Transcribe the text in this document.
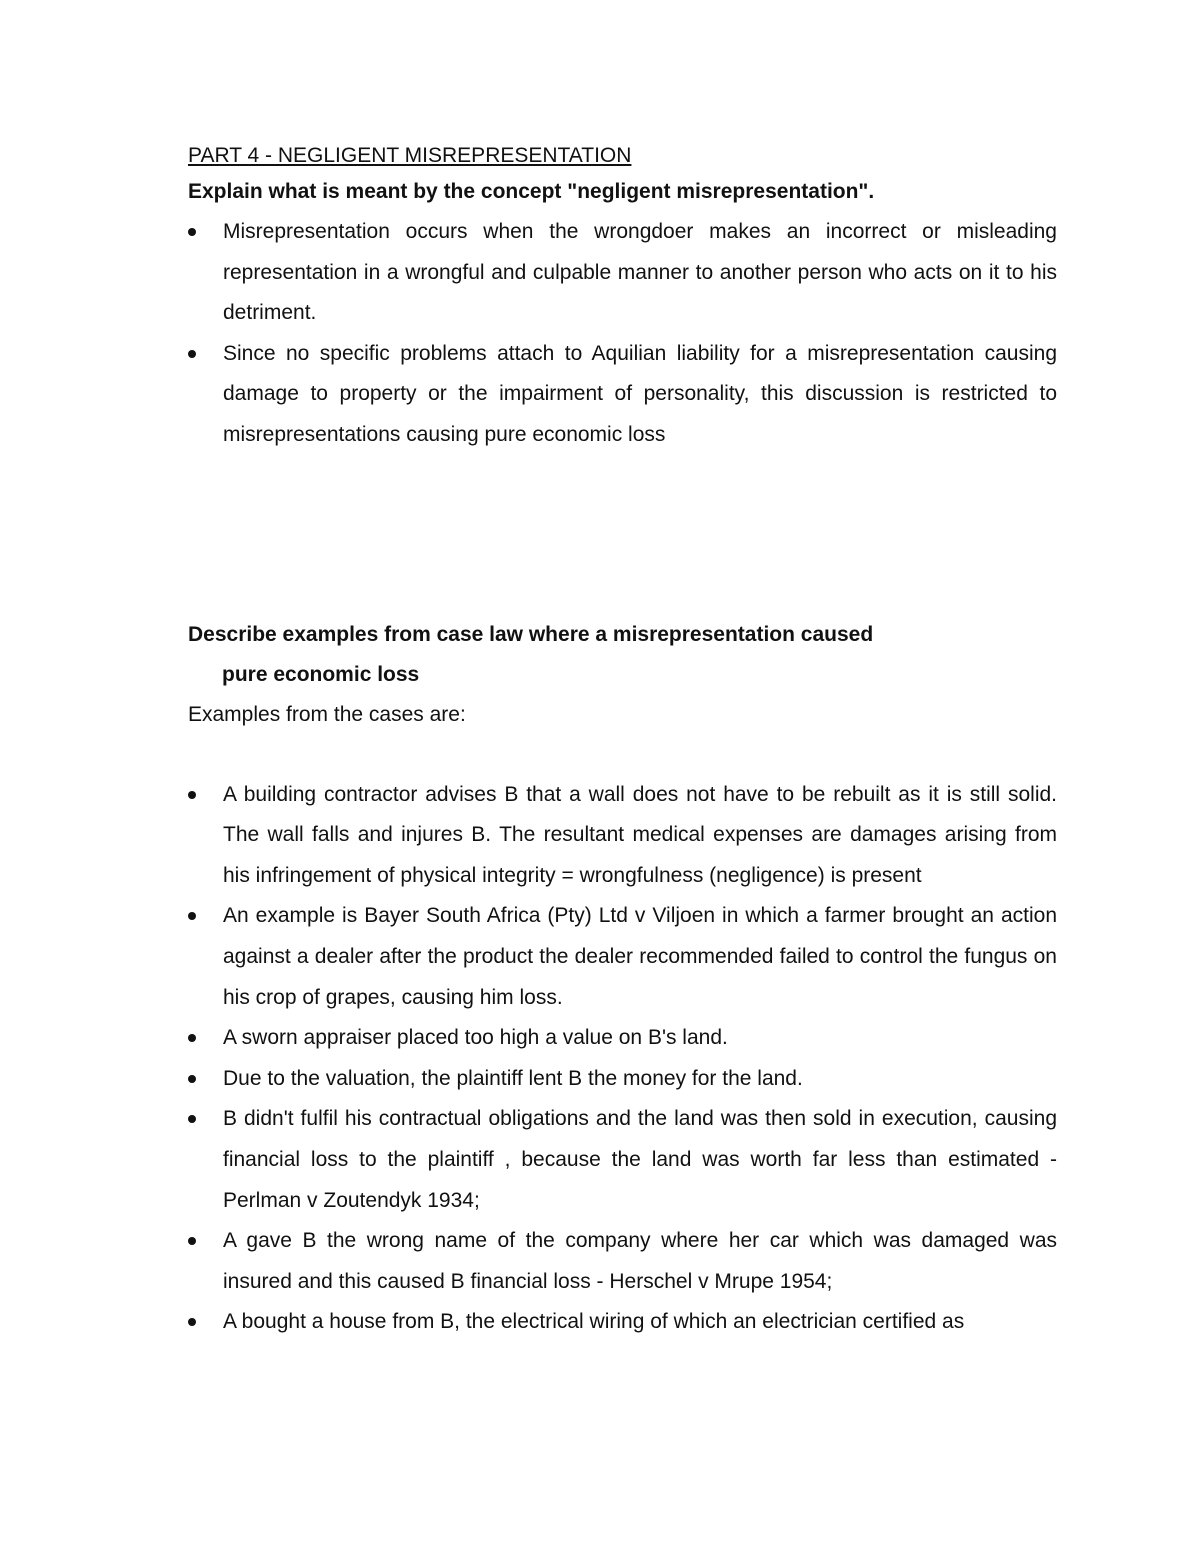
PART 4 - NEGLIGENT MISREPRESENTATION

Explain what is meant by the concept "negligent misrepresentation".

Misrepresentation occurs when the wrongdoer makes an incorrect or misleading representation in a wrongful and culpable manner to another person who acts on it to his detriment.
Since no specific problems attach to Aquilian liability for a misrepresentation causing damage to property or the impairment of personality, this discussion is restricted to misrepresentations causing pure economic loss
Describe examples from case law where a misrepresentation caused
pure economic loss

Examples from the cases are:

A building contractor advises B that a wall does not have to be rebuilt as it is still solid. The wall falls and injures B. The resultant medical expenses are damages arising from his infringement of physical integrity = wrongfulness (negligence) is present
An example is Bayer South Africa (Pty) Ltd v Viljoen in which a farmer brought an action against a dealer after the product the dealer recommended failed to control the fungus on his crop of grapes, causing him loss.
A sworn appraiser placed too high a value on B's land.
Due to the valuation, the plaintiff lent B the money for the land.
B didn't fulfil his contractual obligations and the land was then sold in execution, causing financial loss to the plaintiff , because the land was worth far less than estimated - Perlman v Zoutendyk 1934;
A gave B the wrong name of the company where her car which was damaged was insured and this caused B financial loss - Herschel v Mrupe 1954;
A bought a house from B, the electrical wiring of which an electrician certified as
